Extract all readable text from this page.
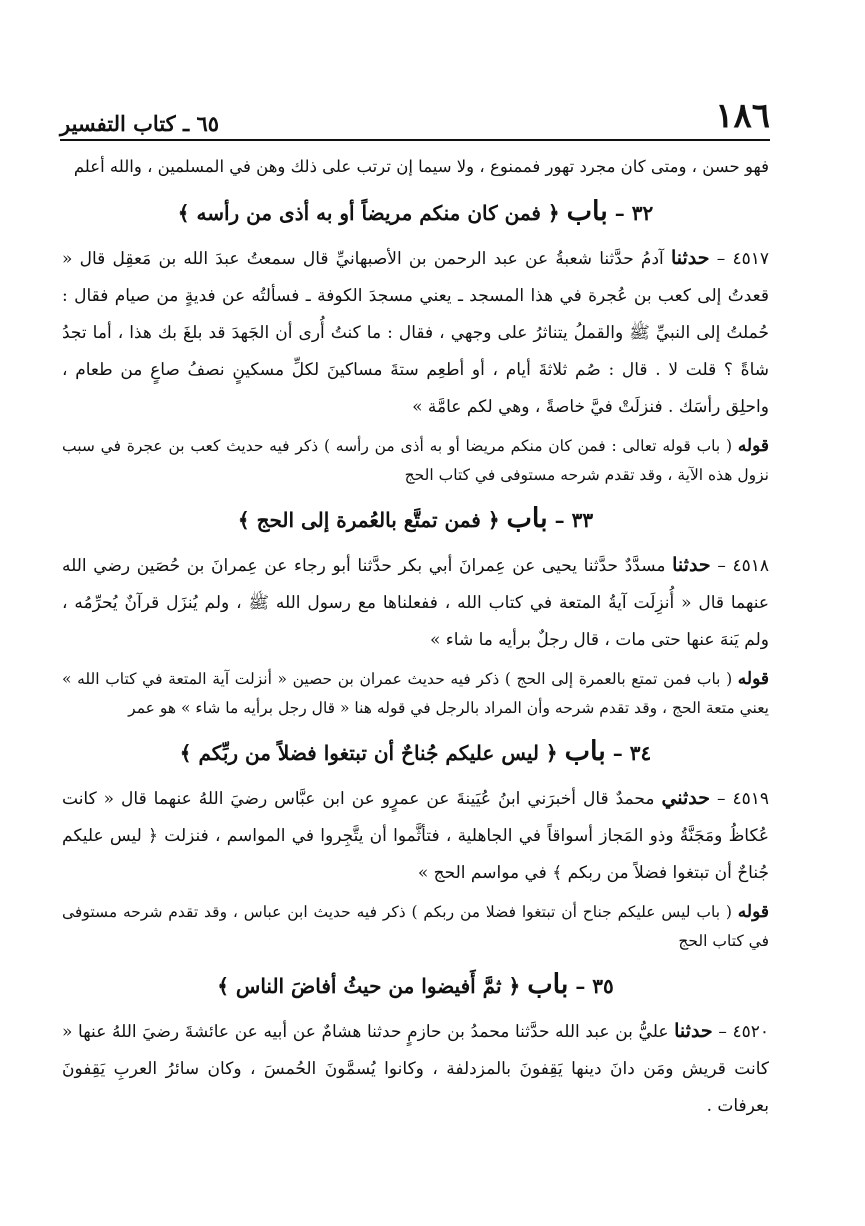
٦٥ ـ كتاب التفسير	١٨٦

فهو حسن ، ومتى كان مجرد تهور فممنوع ، ولا سيما إن ترتب على ذلك وهن في المسلمين ، والله أعلم

٣٢ – باب ﴿ فمن كان منكم مريضاً أو به أذى من رأسه ﴾

٤٥١٧ – حدثنا آدمُ حدَّثنا شعبةُ عن عبد الرحمن بن الأصبهانيِّ قال سمعتُ عبدَ الله بن مَعقِل قال « قعدتُ إلى كعب بن عُجرة في هذا المسجد ـ يعني مسجدَ الكوفة ـ فسألتُه عن فديةٍ من صيام فقال : حُملتُ إلى النبيِّ ﷺ والقملُ يتناثرُ على وجهي ، فقال : ما كنتُ أُرى أن الجَهدَ قد بلغَ بك هذا ، أما تجدُ شاةً ؟ قلت لا . قال : صُم ثلاثةَ أيام ، أو أطعِم ستةَ مساكينَ لكلِّ مسكينٍ نصفُ صاعٍ من طعام ، واحلِق رأسَك . فنزلَتْ فيَّ خاصةً ، وهي لكم عامَّة »

قوله ( باب قوله تعالى : فمن كان منكم مريضا أو به أذى من رأسه ) ذكر فيه حديث كعب بن عجرة في سبب نزول هذه الآية ، وقد تقدم شرحه مستوفى في كتاب الحج

٣٣ – باب ﴿ فمن تمتَّع بالعُمرة إلى الحج ﴾

٤٥١٨ – حدثنا مسدَّدٌ حدَّثنا يحيى عن عِمرانَ أبي بكر حدَّثنا أبو رجاء عن عِمرانَ بن حُصَين رضي الله عنهما قال « أُنزِلَت آيةُ المتعة في كتاب الله ، ففعلناها مع رسول الله ﷺ ، ولم يُنزَل قرآنٌ يُحرِّمُه ، ولم يَنهَ عنها حتى مات ، قال رجلٌ برأيه ما شاء »

قوله ( باب فمن تمتع بالعمرة إلى الحج ) ذكر فيه حديث عمران بن حصين « أنزلت آية المتعة في كتاب الله » يعني متعة الحج ، وقد تقدم شرحه وأن المراد بالرجل في قوله هنا « قال رجل برأيه ما شاء » هو عمر

٣٤ – باب ﴿ ليس عليكم جُناحٌ أن تبتغوا فضلاً من ربِّكم ﴾

٤٥١٩ – حدثني محمدٌ قال أخبرَني ابنُ عُيَينةَ عن عمرٍو عن ابن عبَّاس رضيَ اللهُ عنهما قال « كانت عُكاظُ ومَجَنَّةُ وذو المَجاز أسواقاً في الجاهلية ، فتأثَّموا أن يتَّجِروا في المواسم ، فنزلت ﴿ ليس عليكم جُناحٌ أن تبتغوا فضلاً من ربكم ﴾ في مواسم الحج »

قوله ( باب ليس عليكم جناح أن تبتغوا فضلا من ربكم ) ذكر فيه حديث ابن عباس ، وقد تقدم شرحه مستوفى في كتاب الحج

٣٥ – باب ﴿ ثمَّ أَفيضوا من حيثُ أفاضَ الناس ﴾

٤٥٢٠ – حدثنا عليُّ بن عبد الله حدَّثنا محمدُ بن حازمٍ حدثنا هشامٌ عن أبيه عن عائشةَ رضيَ اللهُ عنها « كانت قريش ومَن دانَ دينها يَقِفونَ بالمزدلفة ، وكانوا يُسمَّونَ الحُمسَ ، وكان سائرُ العربِ يَقِفونَ بعرفات .
